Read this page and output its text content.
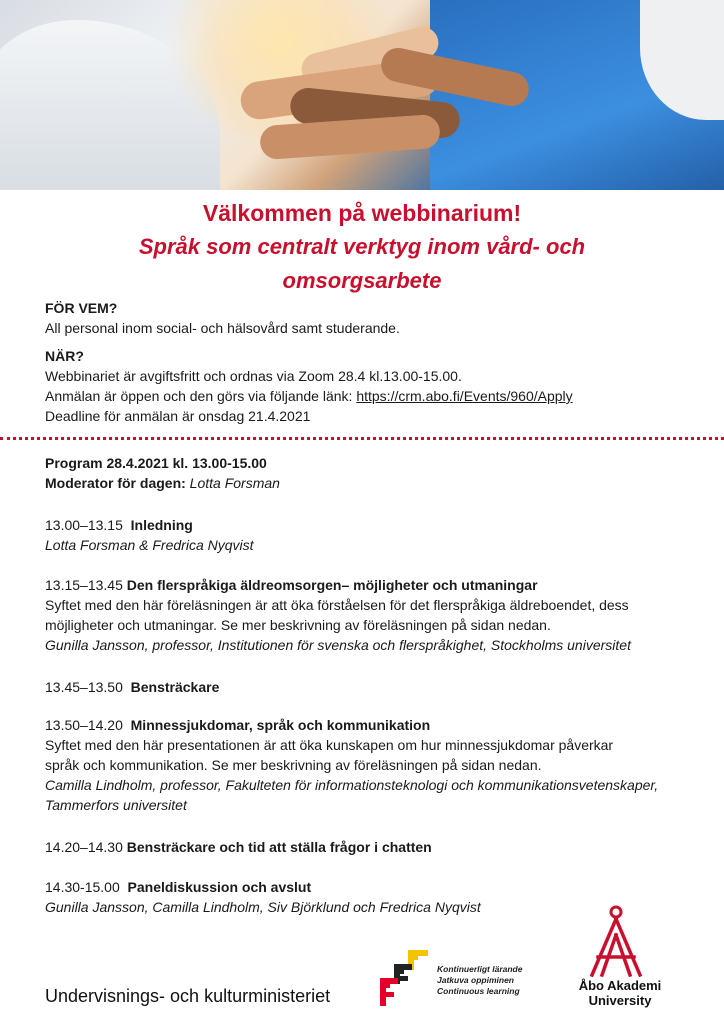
Välkommen på webbinarium!
Språk som centralt verktyg inom vård- och
omsorgsarbete
FÖR VEM?
All personal inom social- och hälsovård samt studerande.
NÄR?
Webbinariet är avgiftsfritt och ordnas via Zoom 28.4 kl.13.00-15.00.
Anmälan är öppen och den görs via följande länk: https://crm.abo.fi/Events/960/Apply
Deadline för anmälan är onsdag 21.4.2021
Program 28.4.2021 kl. 13.00-15.00
Moderator för dagen: Lotta Forsman
13.00–13.15 Inledning
Lotta Forsman & Fredrica Nyqvist
13.15–13.45 Den flerspråkiga äldreomsorgen– möjligheter och utmaningar
Syftet med den här föreläsningen är att öka förståelsen för det flerspråkiga äldreboendet, dess
möjligheter och utmaningar. Se mer beskrivning av föreläsningen på sidan nedan.
Gunilla Jansson, professor, Institutionen för svenska och flerspråkighet, Stockholms universitet
13.45–13.50 Bensträckare
13.50–14.20 Minnessjukdomar, språk och kommunikation
Syftet med den här presentationen är att öka kunskapen om hur minnessjukdomar påverkar
språk och kommunikation. Se mer beskrivning av föreläsningen på sidan nedan.
Camilla Lindholm, professor, Fakulteten för informationsteknologi och kommunikationsvetenskaper,
Tammerfors universitet
14.20–14.30 Bensträckare och tid att ställa frågor i chatten
14.30-15.00 Paneldiskussion och avslut
Gunilla Jansson, Camilla Lindholm, Siv Björklund och Fredrica Nyqvist
Undervisnings- och kulturministeriet
Kontinuerligt lärande
Jatkuva oppiminen
Continuous learning	Åbo Akademi
University
